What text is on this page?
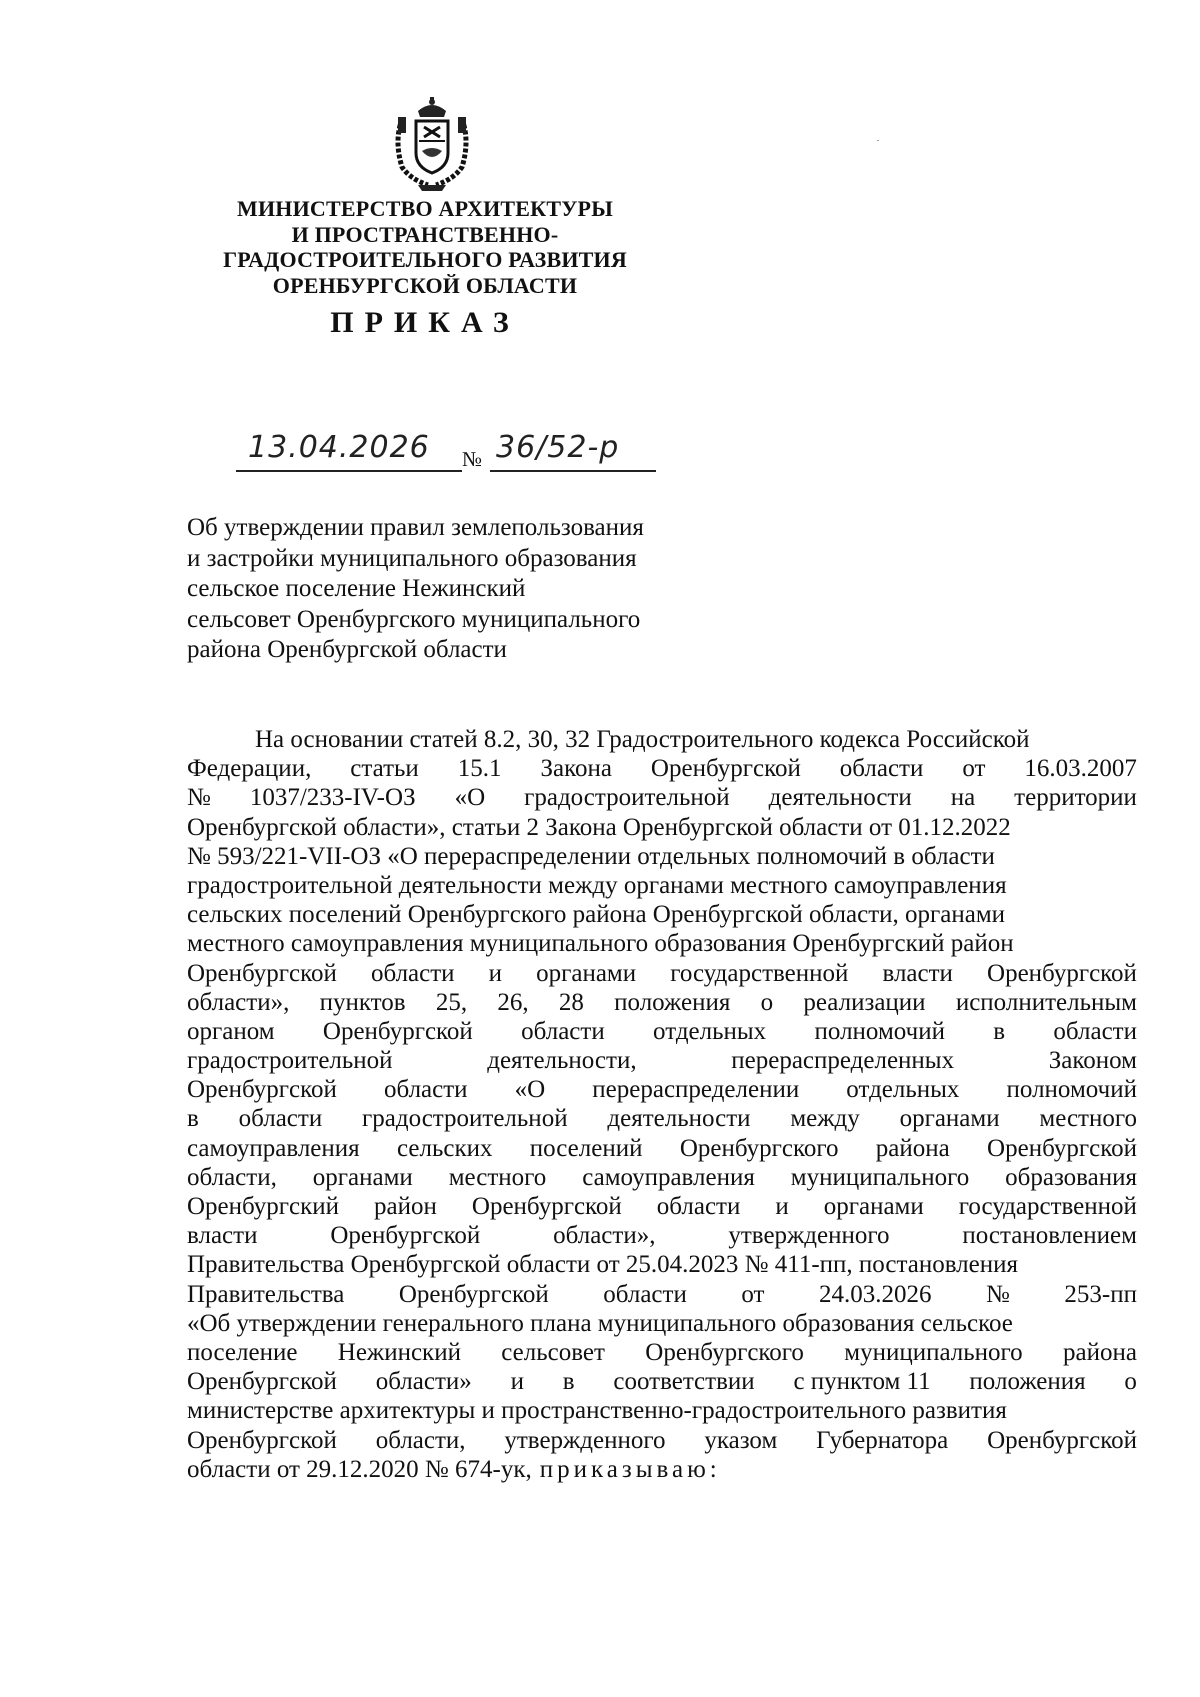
МИНИСТЕРСТВО АРХИТЕКТУРЫ
И ПРОСТРАНСТВЕННО-
ГРАДОСТРОИТЕЛЬНОГО РАЗВИТИЯ
ОРЕНБУРГСКОЙ ОБЛАСТИ
ПРИКАЗ
13.04.2026 № 36/52-р
Об утверждении правил землепользования
и застройки муниципального образования
сельское поселение Нежинский
сельсовет Оренбургского муниципального
района Оренбургской области
На основании статей 8.2, 30, 32 Градостроительного кодекса Российской
Федерации, статьи 15.1 Закона Оренбургской области от 16.03.2007
№ 1037/233-IV-ОЗ «О градостроительной деятельности на территории
Оренбургской области», статьи 2 Закона Оренбургской области от 01.12.2022
№ 593/221-VII-ОЗ «О перераспределении отдельных полномочий в области
градостроительной деятельности между органами местного самоуправления
сельских поселений Оренбургского района Оренбургской области, органами
местного самоуправления муниципального образования Оренбургский район
Оренбургской области и органами государственной власти Оренбургской
области», пунктов 25, 26, 28 положения о реализации исполнительным
органом Оренбургской области отдельных полномочий в области
градостроительной	деятельности,	перераспределенных	Законом
Оренбургской области «О перераспределении отдельных полномочий
в области градостроительной деятельности между органами местного
самоуправления сельских поселений Оренбургского района Оренбургской
области, органами местного самоуправления муниципального образования
Оренбургский район Оренбургской области и органами государственной
власти	Оренбургской	области»,	утвержденного	постановлением
Правительства Оренбургской области от 25.04.2023 № 411-пп, постановления
Правительства Оренбургской области от 24.03.2026 № 253-пп
«Об утверждении генерального плана муниципального образования сельское
поселение Нежинский сельсовет Оренбургского муниципального района
Оренбургской области» и в соответствии с пунктом 11 положения о
министерстве архитектуры и пространственно-градостроительного развития
Оренбургской области, утвержденного указом Губернатора Оренбургской
области от 29.12.2020 № 674-ук, приказываю:
